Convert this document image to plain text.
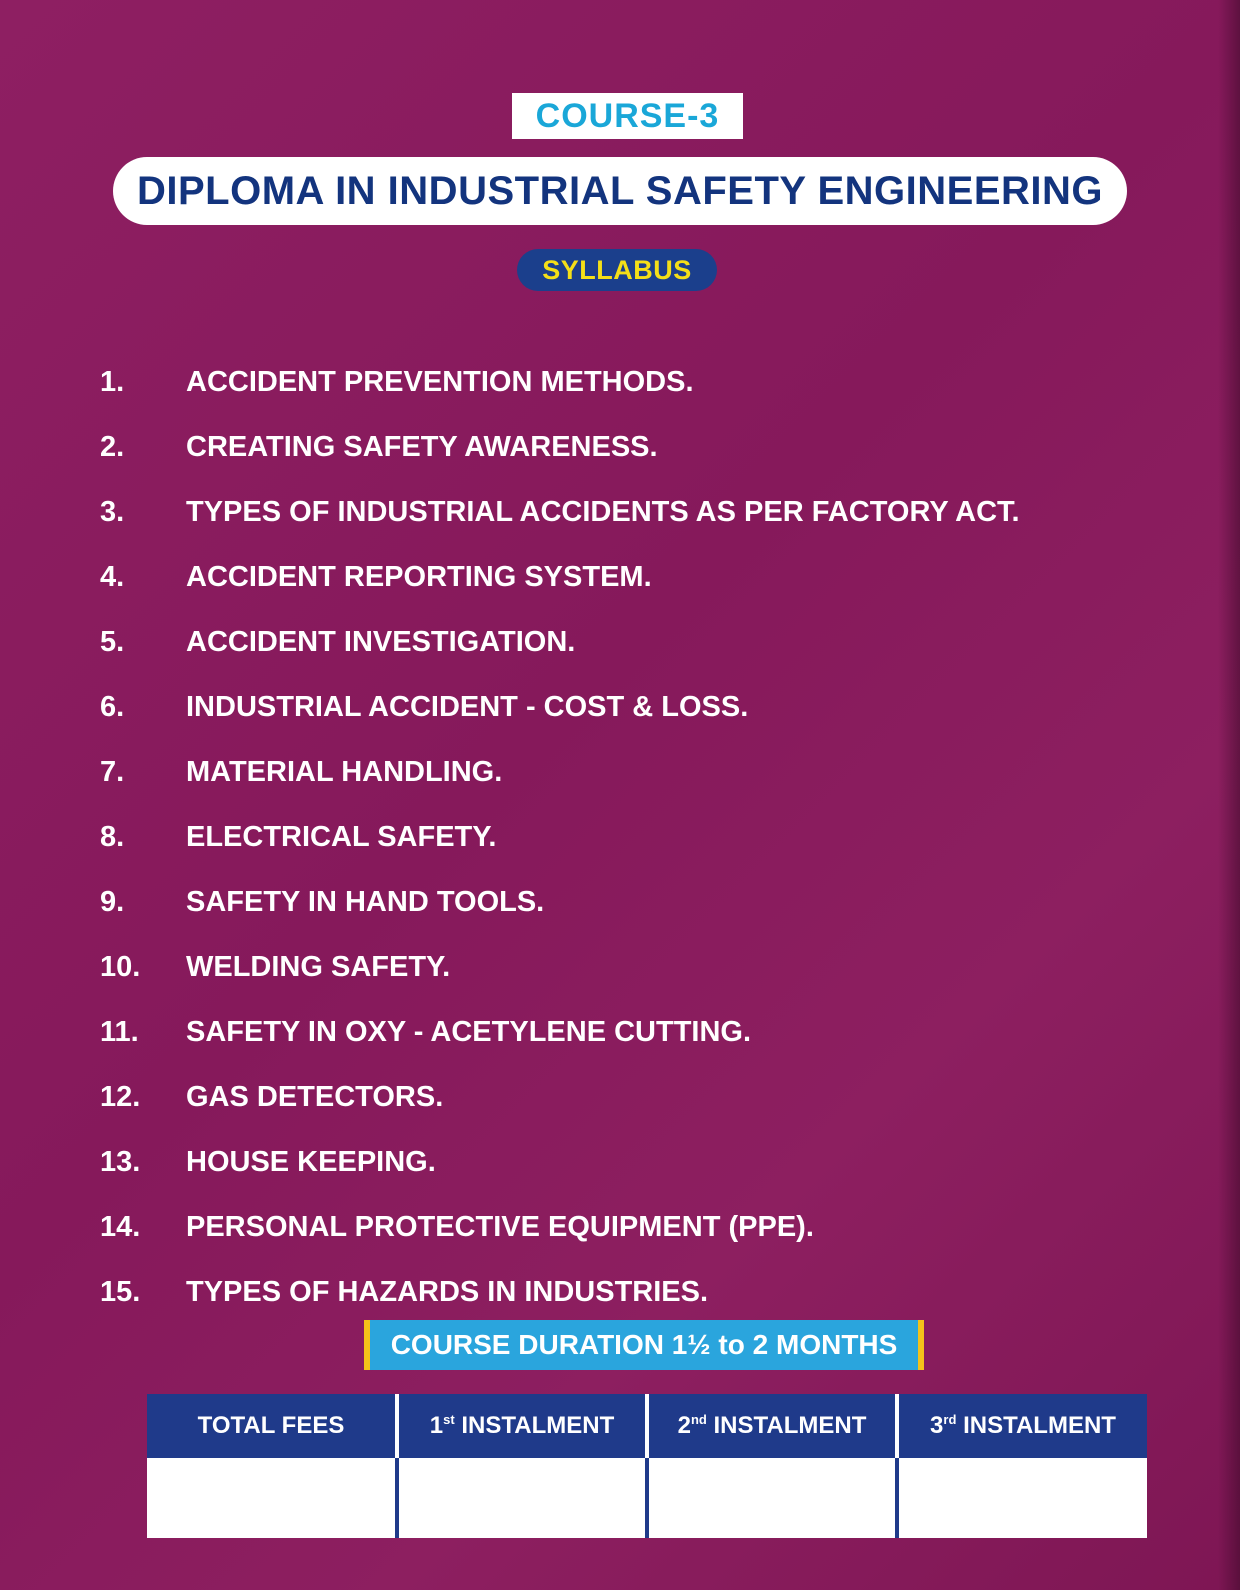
COURSE-3
DIPLOMA IN INDUSTRIAL SAFETY ENGINEERING
SYLLABUS
1.	ACCIDENT PREVENTION METHODS.
2.	CREATING SAFETY AWARENESS.
3.	TYPES OF INDUSTRIAL ACCIDENTS AS PER FACTORY ACT.
4.	ACCIDENT REPORTING SYSTEM.
5.	ACCIDENT INVESTIGATION.
6.	INDUSTRIAL ACCIDENT - COST & LOSS.
7.	MATERIAL HANDLING.
8.	ELECTRICAL SAFETY.
9.	SAFETY IN HAND TOOLS.
10.	WELDING SAFETY.
11.	SAFETY IN OXY - ACETYLENE CUTTING.
12.	GAS DETECTORS.
13.	HOUSE KEEPING.
14.	PERSONAL PROTECTIVE EQUIPMENT (PPE).
15.	TYPES OF HAZARDS IN INDUSTRIES.
COURSE DURATION 1½ to 2 MONTHS
TOTAL FEES	1st INSTALMENT	2nd INSTALMENT	3rd INSTALMENT
